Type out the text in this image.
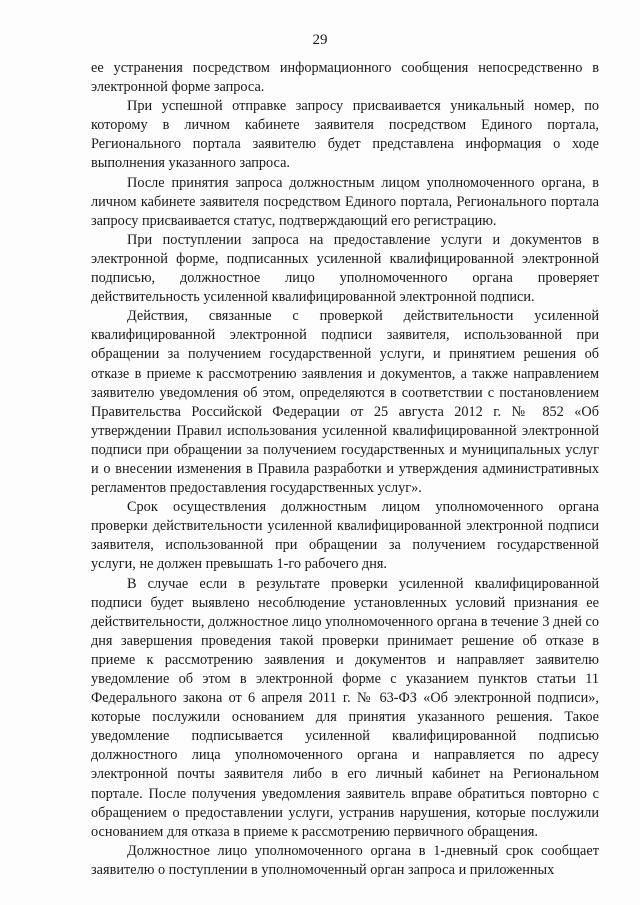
29

ее устранения посредством информационного сообщения непосредственно в электронной форме запроса.

При успешной отправке запросу присваивается уникальный номер, по которому в личном кабинете заявителя посредством Единого портала, Регионального портала заявителю будет представлена информация о ходе выполнения указанного запроса.

После принятия запроса должностным лицом уполномоченного органа, в личном кабинете заявителя посредством Единого портала, Регионального портала запросу присваивается статус, подтверждающий его регистрацию.

При поступлении запроса на предоставление услуги и документов в электронной форме, подписанных усиленной квалифицированной электронной подписью, должностное лицо уполномоченного органа проверяет действительность усиленной квалифицированной электронной подписи.

Действия, связанные с проверкой действительности усиленной квалифицированной электронной подписи заявителя, использованной при обращении за получением государственной услуги, и принятием решения об отказе в приеме к рассмотрению заявления и документов, а также направлением заявителю уведомления об этом, определяются в соответствии с постановлением Правительства Российской Федерации от 25 августа 2012 г. № 852 «Об утверждении Правил использования усиленной квалифицированной электронной подписи при обращении за получением государственных и муниципальных услуг и о внесении изменения в Правила разработки и утверждения административных регламентов предоставления государственных услуг».

Срок осуществления должностным лицом уполномоченного органа проверки действительности усиленной квалифицированной электронной подписи заявителя, использованной при обращении за получением государственной услуги, не должен превышать 1-го рабочего дня.

В случае если в результате проверки усиленной квалифицированной подписи будет выявлено несоблюдение установленных условий признания ее действительности, должностное лицо уполномоченного органа в течение 3 дней со дня завершения проведения такой проверки принимает решение об отказе в приеме к рассмотрению заявления и документов и направляет заявителю уведомление об этом в электронной форме с указанием пунктов статьи 11 Федерального закона от 6 апреля 2011 г. № 63-ФЗ «Об электронной подписи», которые послужили основанием для принятия указанного решения. Такое уведомление подписывается усиленной квалифицированной подписью должностного лица уполномоченного органа и направляется по адресу электронной почты заявителя либо в его личный кабинет на Региональном портале. После получения уведомления заявитель вправе обратиться повторно с обращением о предоставлении услуги, устранив нарушения, которые послужили основанием для отказа в приеме к рассмотрению первичного обращения.

Должностное лицо уполномоченного органа в 1-дневный срок сообщает заявителю о поступлении в уполномоченный орган запроса и приложенных
